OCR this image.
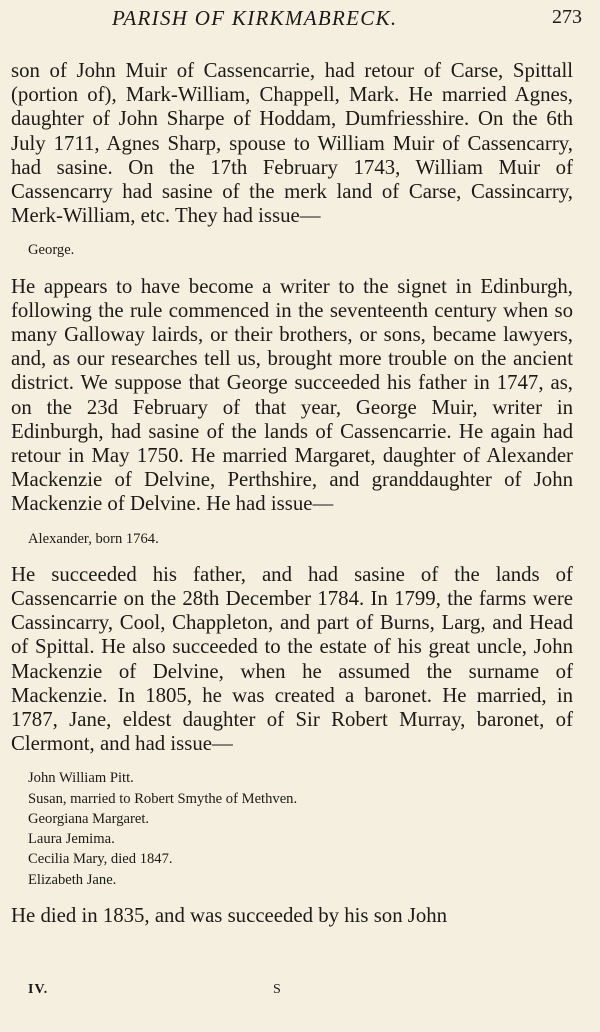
PARISH OF KIRKMABRECK.	273

son of John Muir of Cassencarrie, had retour of Carse, Spittall (portion of), Mark-William, Chappell, Mark. He married Agnes, daughter of John Sharpe of Hoddam, Dumfriesshire. On the 6th July 1711, Agnes Sharp, spouse to William Muir of Cassencarry, had sasine. On the 17th February 1743, William Muir of Cassencarry had sasine of the merk land of Carse, Cassincarry, Merk-William, etc. They had issue—

George.

He appears to have become a writer to the signet in Edinburgh, following the rule commenced in the seventeenth century when so many Galloway lairds, or their brothers, or sons, became lawyers, and, as our researches tell us, brought more trouble on the ancient district. We suppose that George succeeded his father in 1747, as, on the 23d February of that year, George Muir, writer in Edinburgh, had sasine of the lands of Cassencarrie. He again had retour in May 1750. He married Margaret, daughter of Alexander Mackenzie of Delvine, Perthshire, and granddaughter of John Mackenzie of Delvine. He had issue—

Alexander, born 1764.

He succeeded his father, and had sasine of the lands of Cassencarrie on the 28th December 1784. In 1799, the farms were Cassincarry, Cool, Chappleton, and part of Burns, Larg, and Head of Spittal. He also succeeded to the estate of his great uncle, John Mackenzie of Delvine, when he assumed the surname of Mackenzie. In 1805, he was created a baronet. He married, in 1787, Jane, eldest daughter of Sir Robert Murray, baronet, of Clermont, and had issue—

John William Pitt.
Susan, married to Robert Smythe of Methven.
Georgiana Margaret.
Laura Jemima.
Cecilia Mary, died 1847.
Elizabeth Jane.

He died in 1835, and was succeeded by his son John

IV.	S
